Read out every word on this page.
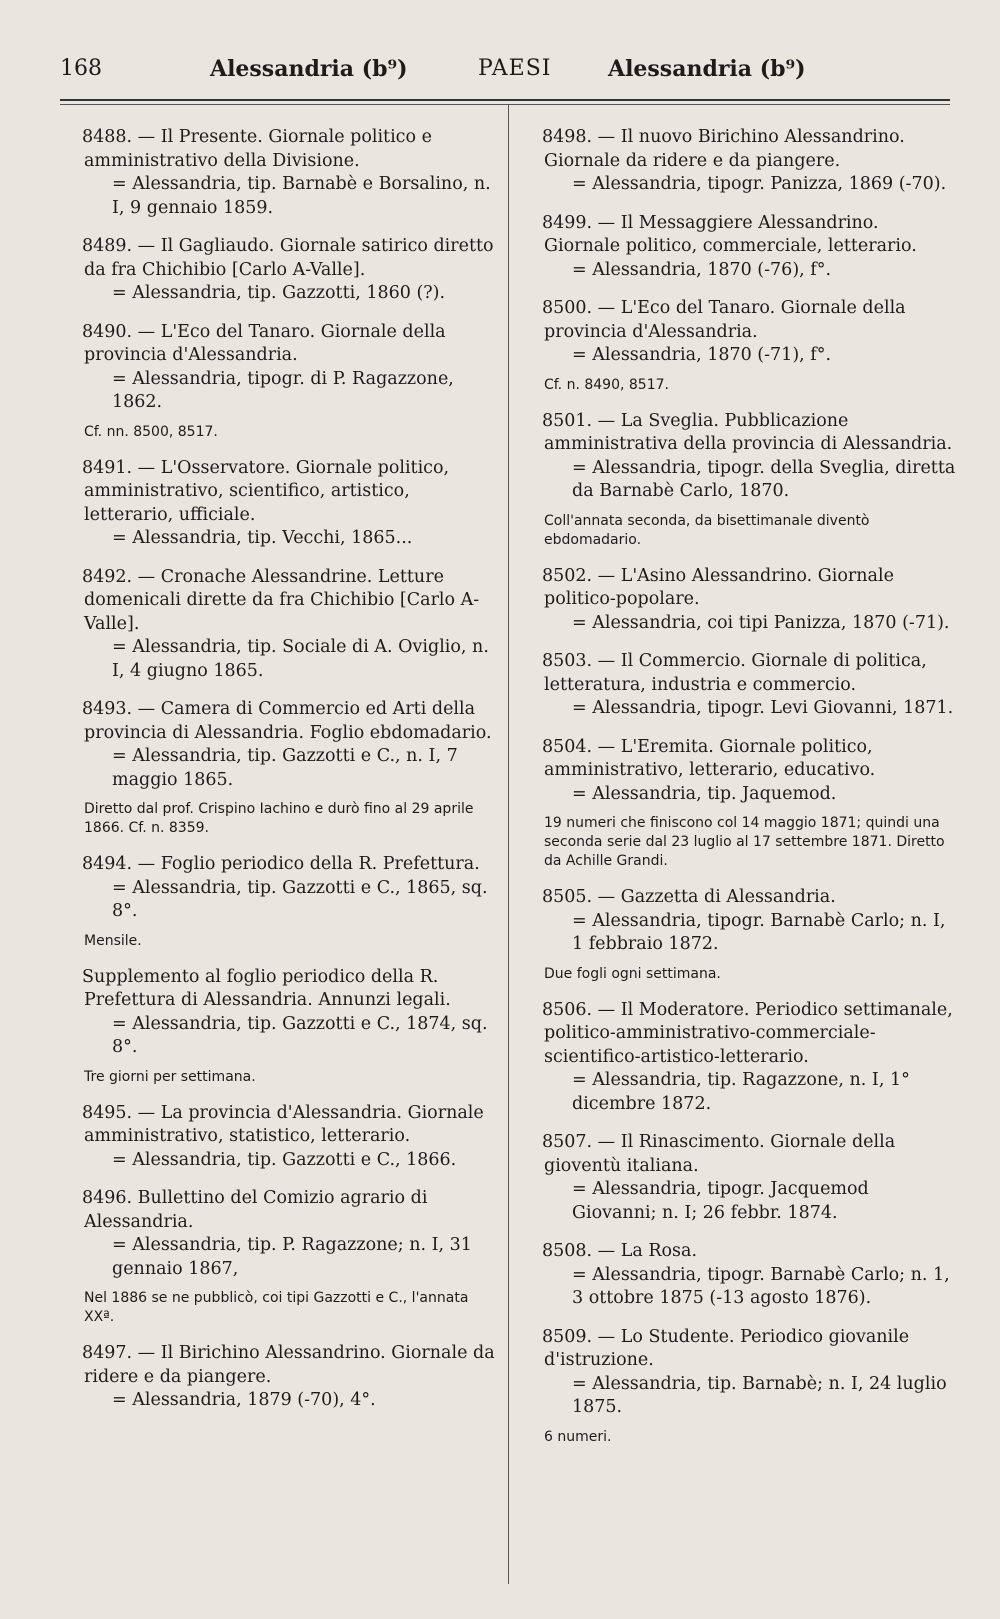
168	Alessandria (b⁹)	PAESI	Alessandria (b⁹)

8488. — Il Presente. Giornale politico e amministrativo della Divisione.

= Alessandria, tip. Barnabè e Borsalino, n. I, 9 gennaio 1859.

8489. — Il Gagliaudo. Giornale satirico diretto da fra Chichibio [Carlo A-Valle].

= Alessandria, tip. Gazzotti, 1860 (?).

8490. — L'Eco del Tanaro. Giornale della provincia d'Alessandria.

= Alessandria, tipogr. di P. Ragazzone, 1862.

Cf. nn. 8500, 8517.

8491. — L'Osservatore. Giornale politico, amministrativo, scientifico, artistico, letterario, ufficiale.

= Alessandria, tip. Vecchi, 1865...

8492. — Cronache Alessandrine. Letture domenicali dirette da fra Chichibio [Carlo A-Valle].

= Alessandria, tip. Sociale di A. Oviglio, n. I, 4 giugno 1865.

8493. — Camera di Commercio ed Arti della provincia di Alessandria. Foglio ebdomadario.

= Alessandria, tip. Gazzotti e C., n. I, 7 maggio 1865.

Diretto dal prof. Crispino Iachino e durò fino al 29 aprile 1866. Cf. n. 8359.

8494. — Foglio periodico della R. Prefettura.

= Alessandria, tip. Gazzotti e C., 1865, sq. 8°.

Mensile.

Supplemento al foglio periodico della R. Prefettura di Alessandria. Annunzi legali.

= Alessandria, tip. Gazzotti e C., 1874, sq. 8°.

Tre giorni per settimana.

8495. — La provincia d'Alessandria. Giornale amministrativo, statistico, letterario.

= Alessandria, tip. Gazzotti e C., 1866.

8496. Bullettino del Comizio agrario di Alessandria.

= Alessandria, tip. P. Ragazzone; n. I, 31 gennaio 1867,

Nel 1886 se ne pubblicò, coi tipi Gazzotti e C., l'annata XXª.

8497. — Il Birichino Alessandrino. Giornale da ridere e da piangere.

= Alessandria, 1879 (-70), 4°.

8498. — Il nuovo Birichino Alessandrino. Giornale da ridere e da piangere.

= Alessandria, tipogr. Panizza, 1869 (-70).

8499. — Il Messaggiere Alessandrino. Giornale politico, commerciale, letterario.

= Alessandria, 1870 (-76), f°.

8500. — L'Eco del Tanaro. Giornale della provincia d'Alessandria.

= Alessandria, 1870 (-71), f°.

Cf. n. 8490, 8517.

8501. — La Sveglia. Pubblicazione amministrativa della provincia di Alessandria.

= Alessandria, tipogr. della Sveglia, diretta da Barnabè Carlo, 1870.

Coll'annata seconda, da bisettimanale diventò ebdomadario.

8502. — L'Asino Alessandrino. Giornale politico-popolare.

= Alessandria, coi tipi Panizza, 1870 (-71).

8503. — Il Commercio. Giornale di politica, letteratura, industria e commercio.

= Alessandria, tipogr. Levi Giovanni, 1871.

8504. — L'Eremita. Giornale politico, amministrativo, letterario, educativo.

= Alessandria, tip. Jaquemod.

19 numeri che finiscono col 14 maggio 1871; quindi una seconda serie dal 23 luglio al 17 settembre 1871. Diretto da Achille Grandi.

8505. — Gazzetta di Alessandria.

= Alessandria, tipogr. Barnabè Carlo; n. I, 1 febbraio 1872.

Due fogli ogni settimana.

8506. — Il Moderatore. Periodico settimanale, politico-amministrativo-commerciale-scientifico-artistico-letterario.

= Alessandria, tip. Ragazzone, n. I, 1° dicembre 1872.

8507. — Il Rinascimento. Giornale della gioventù italiana.

= Alessandria, tipogr. Jacquemod Giovanni; n. I; 26 febbr. 1874.

8508. — La Rosa.

= Alessandria, tipogr. Barnabè Carlo; n. 1, 3 ottobre 1875 (-13 agosto 1876).

8509. — Lo Studente. Periodico giovanile d'istruzione.

= Alessandria, tip. Barnabè; n. I, 24 luglio 1875.

6 numeri.
